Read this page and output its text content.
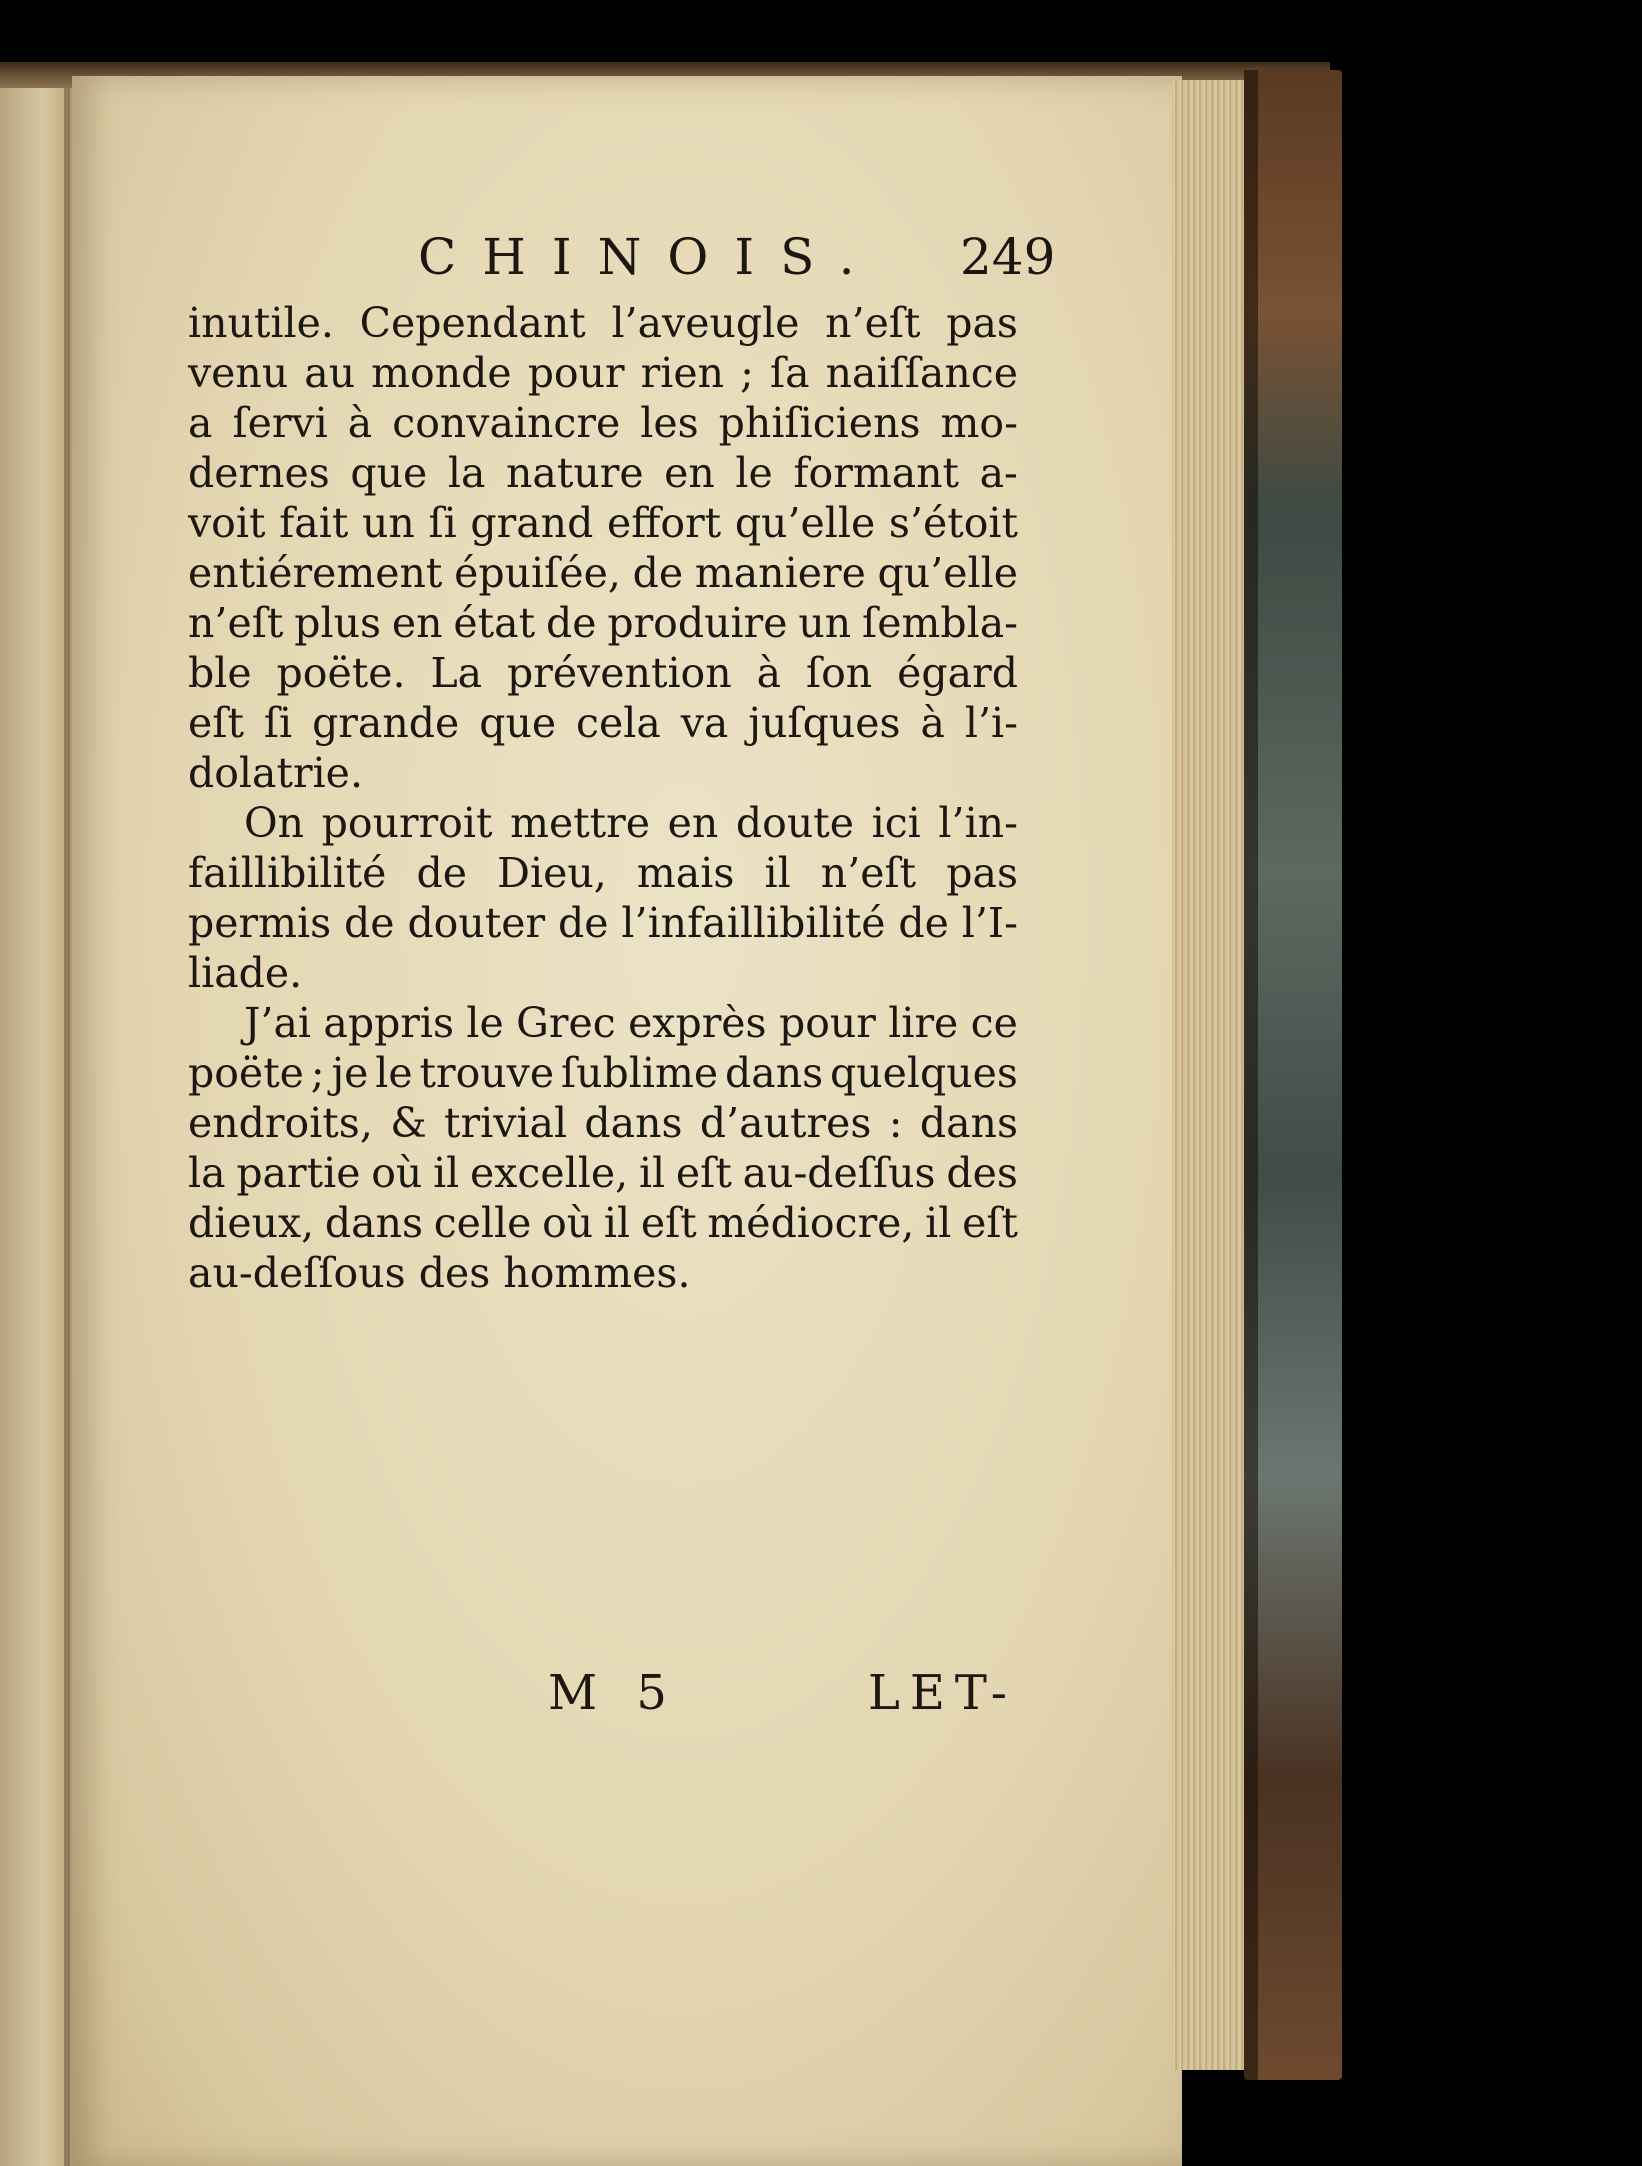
CHINOIS. 249
inutile. Cependant l’aveugle n’eſt pas
venu au monde pour rien ; ſa naiſſance
a ſervi à convaincre les phiſiciens mo-
dernes que la nature en le formant a-
voit fait un ſi grand effort qu’elle s’étoit
entiérement épuiſée, de maniere qu’elle
n’eſt plus en état de produire un ſembla-
ble poëte. La prévention à ſon égard
eſt ſi grande que cela va juſques à l’i-
dolatrie.
On pourroit mettre en doute ici l’in-
faillibilité de Dieu, mais il n’eſt pas
permis de douter de l’infaillibilité de l’I-
liade.
J’ai appris le Grec exprès pour lire ce
poëte ; je le trouve ſublime dans quelques
endroits, & trivial dans d’autres : dans
la partie où il excelle, il eſt au-deſſus des
dieux, dans celle où il eſt médiocre, il eſt
au-deſſous des hommes.
M 5	LET-
